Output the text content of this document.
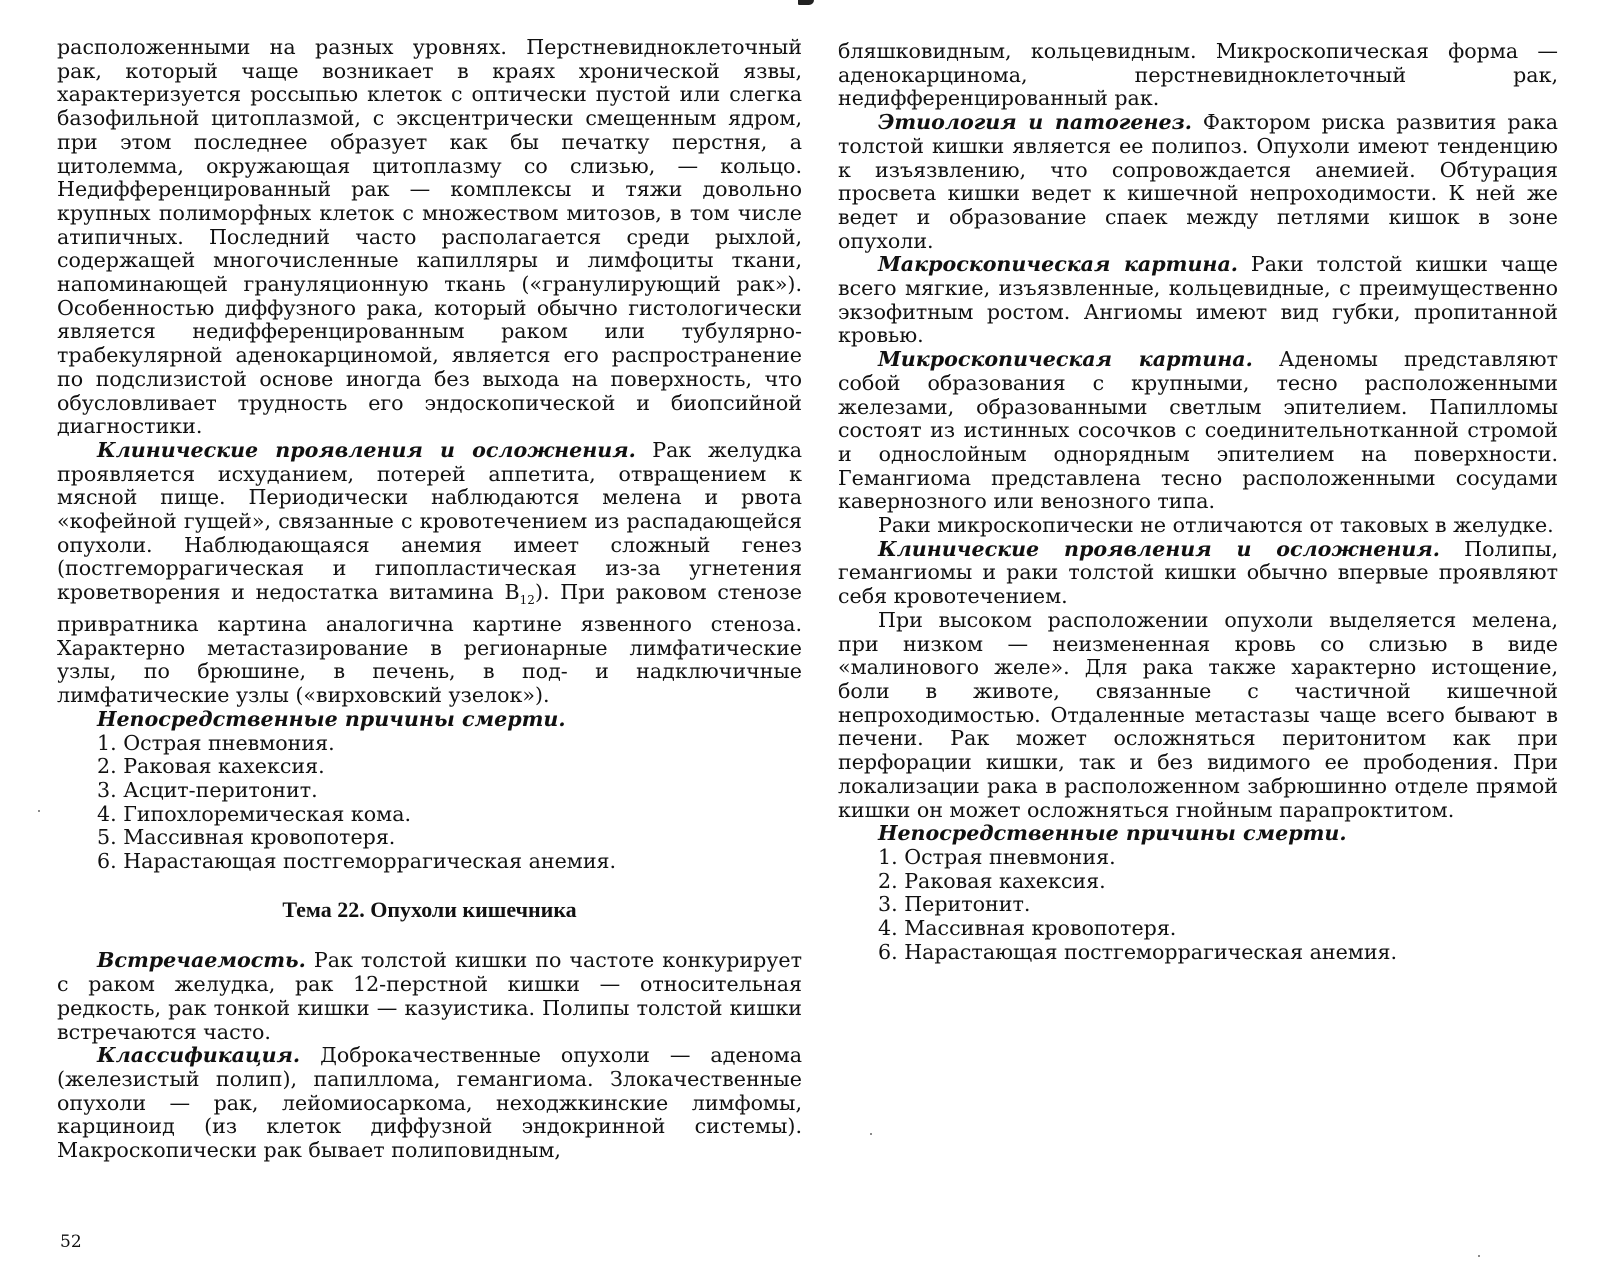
расположенными на разных уровнях. Перстневидноклеточный рак, который чаще возникает в краях хронической язвы, характеризуется россыпью клеток с оптически пустой или слегка базофильной цитоплазмой, с эксцентрически смещенным ядром, при этом последнее образует как бы печатку перстня, а цитолемма, окружающая цитоплазму со слизью, — кольцо. Недифференцированный рак — комплексы и тяжи довольно крупных полиморфных клеток с множеством митозов, в том числе атипичных. Последний часто располагается среди рыхлой, содержащей многочисленные капилляры и лимфоциты ткани, напоминающей грануляционную ткань («гранулирующий рак»). Особенностью диффузного рака, который обычно гистологически является недифференцированным раком или тубулярно-трабекулярной аденокарциномой, является его распространение по подслизистой основе иногда без выхода на поверхность, что обусловливает трудность его эндоскопической и биопсийной диагностики.

Клинические проявления и осложнения. Рак желудка проявляется исхуданием, потерей аппетита, отвращением к мясной пище. Периодически наблюдаются мелена и рвота «кофейной гущей», связанные с кровотечением из распадающейся опухоли. Наблюдающаяся анемия имеет сложный генез (постгеморрагическая и гипопластическая из-за угнетения кроветворения и недостатка витамина $B_{12}$). При раковом стенозе привратника картина аналогична картине язвенного стеноза. Характерно метастазирование в регионарные лимфатические узлы, по брюшине, в печень, в под- и надключичные лимфатические узлы («вирховский узелок»).

Непосредственные причины смерти.
1. Острая пневмония.
2. Раковая кахексия.
3. Асцит-перитонит.
4. Гипохлоремическая кома.
5. Массивная кровопотеря.
6. Нарастающая постгеморрагическая анемия.
Тема 22. Опухоли кишечника

Встречаемость. Рак толстой кишки по частоте конкурирует с раком желудка, рак 12-перстной кишки — относительная редкость, рак тонкой кишки — казуистика. Полипы толстой кишки встречаются часто.

Классификация. Доброкачественные опухоли — аденома (железистый полип), папиллома, гемангиома. Злокачественные опухоли — рак, лейомиосаркома, неходжкинские лимфомы, карциноид (из клеток диффузной эндокринной системы). Макроскопически рак бывает полиповидным,

52

бляшковидным, кольцевидным. Микроскопическая форма — аденокарцинома, перстневидноклеточный рак, недифференцированный рак.

Этиология и патогенез. Фактором риска развития рака толстой кишки является ее полипоз. Опухоли имеют тенденцию к изъязвлению, что сопровождается анемией. Обтурация просвета кишки ведет к кишечной непроходимости. К ней же ведет и образование спаек между петлями кишок в зоне опухоли.

Макроскопическая картина. Раки толстой кишки чаще всего мягкие, изъязвленные, кольцевидные, с преимущественно экзофитным ростом. Ангиомы имеют вид губки, пропитанной кровью.

Микроскопическая картина. Аденомы представляют собой образования с крупными, тесно расположенными железами, образованными светлым эпителием. Папилломы состоят из истинных сосочков с соединительнотканной стромой и однослойным однорядным эпителием на поверхности. Гемангиома представлена тесно расположенными сосудами кавернозного или венозного типа.

Раки микроскопически не отличаются от таковых в желудке.

Клинические проявления и осложнения. Полипы, гемангиомы и раки толстой кишки обычно впервые проявляют себя кровотечением.

При высоком расположении опухоли выделяется мелена, при низком — неизмененная кровь со слизью в виде «малинового желе». Для рака также характерно истощение, боли в животе, связанные с частичной кишечной непроходимостью. Отдаленные метастазы чаще всего бывают в печени. Рак может осложняться перитонитом как при перфорации кишки, так и без видимого ее прободения. При локализации рака в расположенном забрюшинно отделе прямой кишки он может осложняться гнойным парапроктитом.

Непосредственные причины смерти.
1. Острая пневмония.
2. Раковая кахексия.
3. Перитонит.
4. Массивная кровопотеря.
6. Нарастающая постгеморрагическая анемия.
